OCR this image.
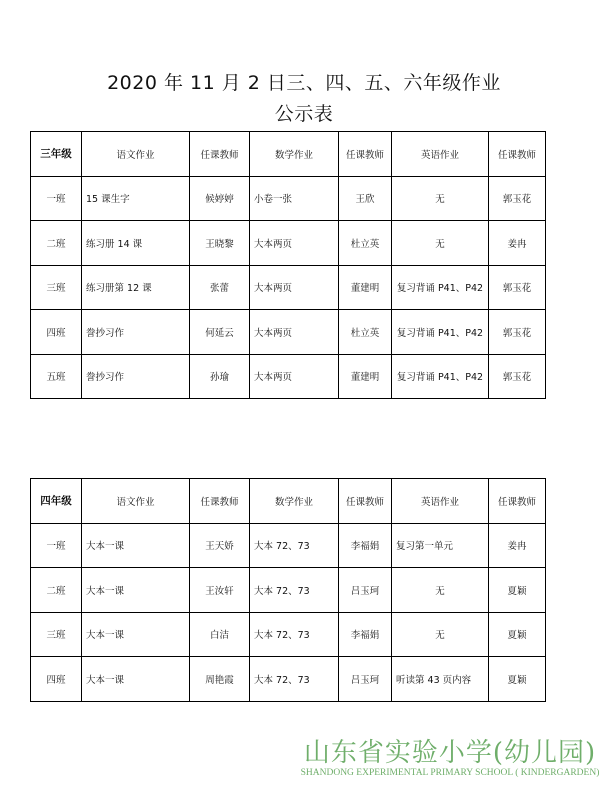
2020 年 11 月 2 日三、四、五、六年级作业
公示表
三年级	语文作业	任课教师	数学作业	任课教师	英语作业	任课教师
一班	15 课生字	候婷婷	小卷一张	王欣	无	郭玉花
二班	练习册 14 课	王晓黎	大本两页	杜立英	无	姜冉
三班	练习册第 12 课	张蕾	大本两页	董建明	复习背诵 P41、P42	郭玉花
四班	誊抄习作	何延云	大本两页	杜立英	复习背诵 P41、P42	郭玉花
五班	誊抄习作	孙瑜	大本两页	董建明	复习背诵 P41、P42	郭玉花
四年级	语文作业	任课教师	数学作业	任课教师	英语作业	任课教师
一班	大本一课	王天娇	大本 72、73	李福娟	复习第一单元	姜冉
二班	大本一课	王汝轩	大本 72、73	吕玉珂	无	夏颖
三班	大本一课	白洁	大本 72、73	李福娟	无	夏颖
四班	大本一课	周艳霞	大本 72、73	吕玉珂	听读第 43 页内容	夏颖
山东省实验小学(幼儿园)
SHANDONG EXPERIMENTAL PRIMARY SCHOOL ( KINDERGARDEN)
